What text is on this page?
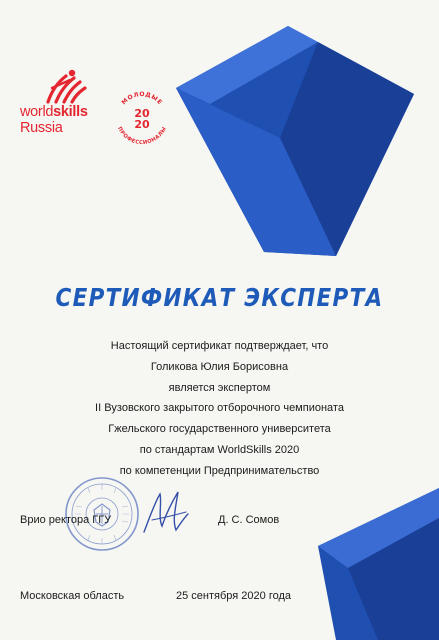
worldskills
Russia
МОЛОДЫЕ
ПРОФЕССИОНАЛЫ
20
20
СЕРТИФИКАТ ЭКСПЕРТА
Настоящий сертификат подтверждает, что
Голикова Юлия Борисовна
является экспертом
II Вузовского закрытого отборочного чемпионата
Гжельского государственного университета
по стандартам WorldSkills 2020
по компетенции Предпринимательство
Врио ректора ГГУ	Д. С. Сомов
Московская область	25 сентября 2020 года
